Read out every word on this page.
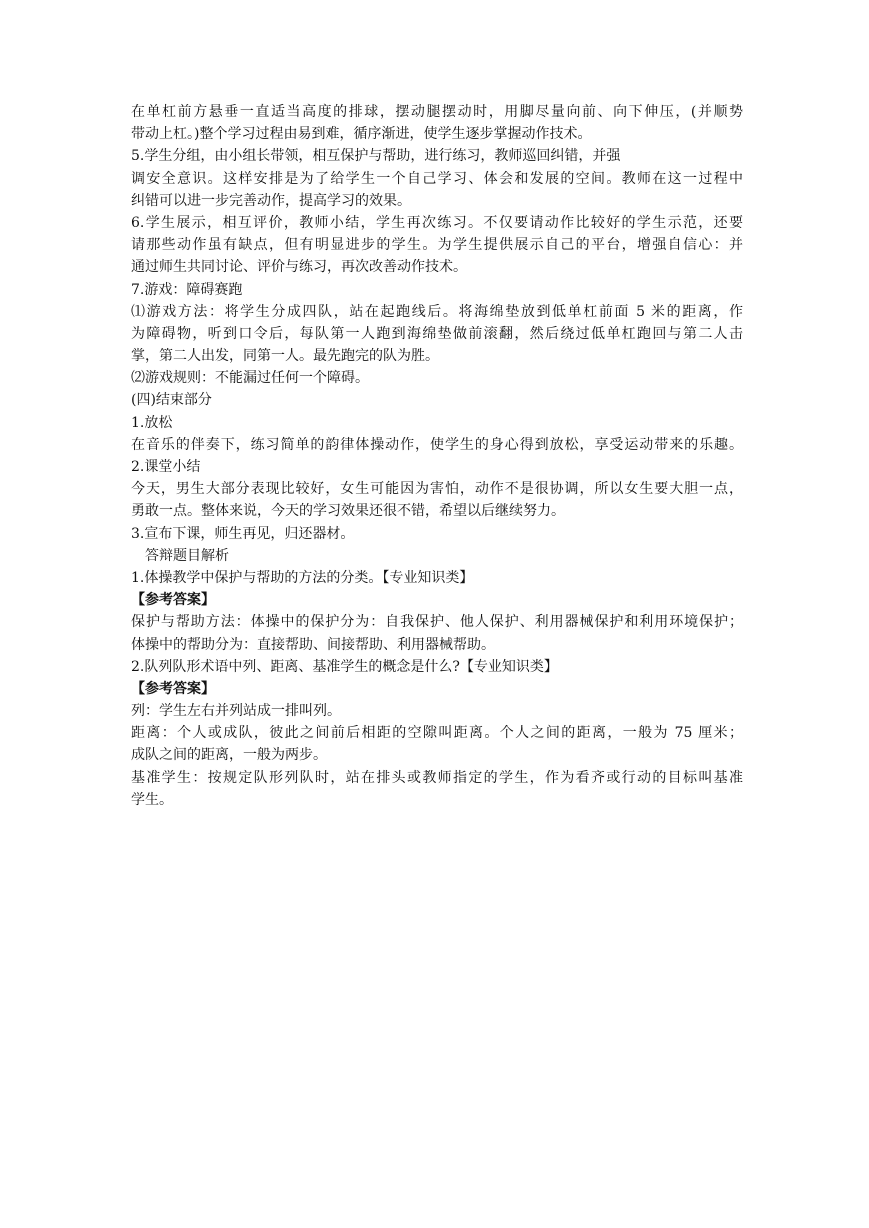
在单杠前方悬垂一直适当高度的排球，摆动腿摆动时，用脚尽量向前、向下伸压，(并顺势
带动上杠。)整个学习过程由易到难，循序渐进，使学生逐步掌握动作技术。
5.学生分组，由小组长带领，相互保护与帮助，进行练习，教师巡回纠错，并强
调安全意识。这样安排是为了给学生一个自己学习、体会和发展的空间。教师在这一过程中
纠错可以进一步完善动作，提高学习的效果。
6.学生展示，相互评价，教师小结，学生再次练习。不仅要请动作比较好的学生示范，还要
请那些动作虽有缺点，但有明显进步的学生。为学生提供展示自己的平台，增强自信心：并
通过师生共同讨论、评价与练习，再次改善动作技术。
7.游戏：障碍赛跑
⑴游戏方法：将学生分成四队，站在起跑线后。将海绵垫放到低单杠前面 5 米的距离，作
为障碍物，听到口令后，每队第一人跑到海绵垫做前滚翻，然后绕过低单杠跑回与第二人击
掌，第二人出发，同第一人。最先跑完的队为胜。
⑵游戏规则：不能漏过任何一个障碍。
(四)结束部分
1.放松
在音乐的伴奏下，练习简单的韵律体操动作，使学生的身心得到放松，享受运动带来的乐趣。
2.课堂小结
今天，男生大部分表现比较好，女生可能因为害怕，动作不是很协调，所以女生要大胆一点，
勇敢一点。整体来说，今天的学习效果还很不错，希望以后继续努力。
3.宣布下课，师生再见，归还器材。
答辩题目解析
1.体操教学中保护与帮助的方法的分类。【专业知识类】
【参考答案】
保护与帮助方法：体操中的保护分为：自我保护、他人保护、利用器械保护和利用环境保护；
体操中的帮助分为：直接帮助、间接帮助、利用器械帮助。
2.队列队形术语中列、距离、基准学生的概念是什么?【专业知识类】
【参考答案】
列：学生左右并列站成一排叫列。
距离：个人或成队，彼此之间前后相距的空隙叫距离。个人之间的距离，一般为 75 厘米；
成队之间的距离，一般为两步。
基准学生：按规定队形列队时，站在排头或教师指定的学生，作为看齐或行动的目标叫基准
学生。
